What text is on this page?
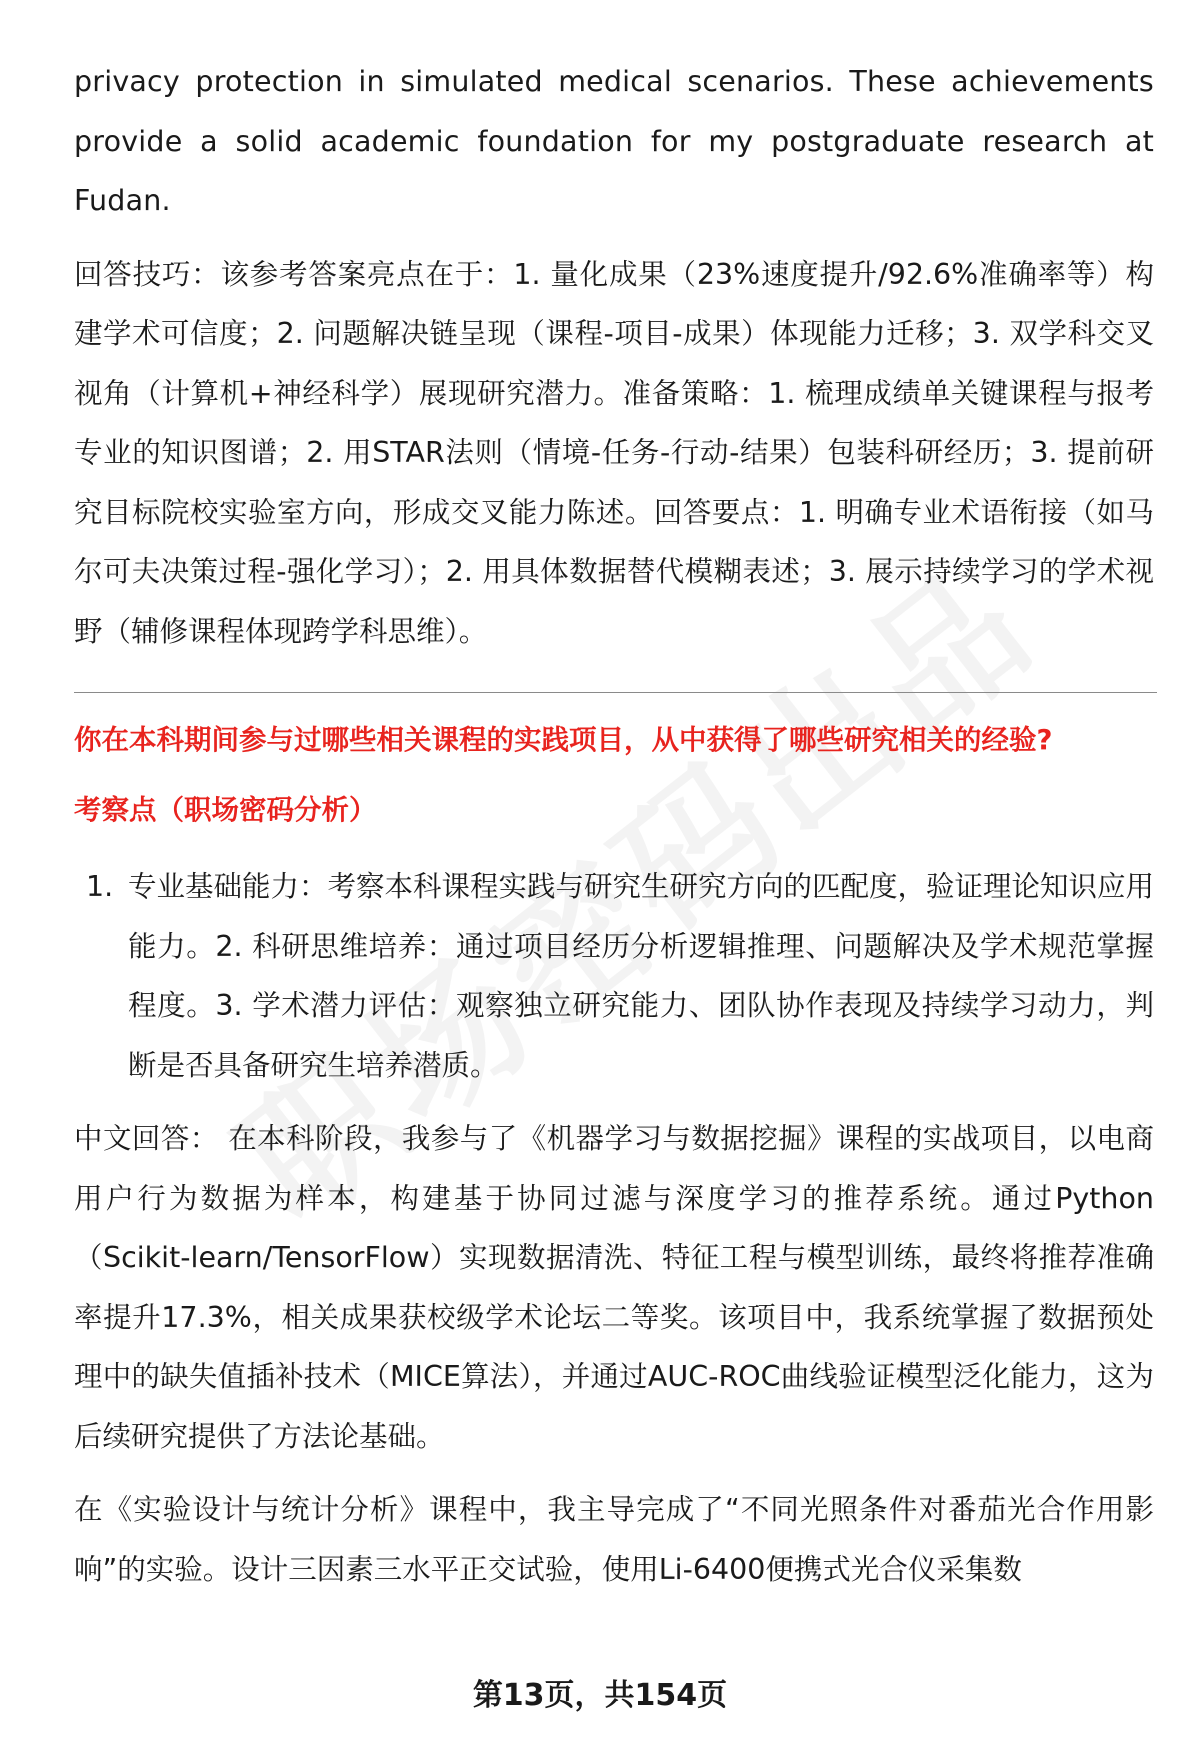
privacy protection in simulated medical scenarios. These achievements provide a solid academic foundation for my postgraduate research at Fudan.

回答技巧：该参考答案亮点在于：1. 量化成果（23%速度提升/92.6%准确率等）构建学术可信度；2. 问题解决链呈现（课程-项目-成果）体现能力迁移；3. 双学科交叉视角（计算机+神经科学）展现研究潜力。准备策略：1. 梳理成绩单关键课程与报考专业的知识图谱；2. 用STAR法则（情境-任务-行动-结果）包装科研经历；3. 提前研究目标院校实验室方向，形成交叉能力陈述。回答要点：1. 明确专业术语衔接（如马尔可夫决策过程-强化学习）；2. 用具体数据替代模糊表述；3. 展示持续学习的学术视野（辅修课程体现跨学科思维）。

你在本科期间参与过哪些相关课程的实践项目，从中获得了哪些研究相关的经验?

考察点（职场密码分析）

1. 专业基础能力：考察本科课程实践与研究生研究方向的匹配度，验证理论知识应用能力。2. 科研思维培养：通过项目经历分析逻辑推理、问题解决及学术规范掌握程度。3. 学术潜力评估：观察独立研究能力、团队协作表现及持续学习动力，判断是否具备研究生培养潜质。

中文回答： 在本科阶段，我参与了《机器学习与数据挖掘》课程的实战项目，以电商用户行为数据为样本，构建基于协同过滤与深度学习的推荐系统。通过Python（Scikit-learn/TensorFlow）实现数据清洗、特征工程与模型训练，最终将推荐准确率提升17.3%，相关成果获校级学术论坛二等奖。该项目中，我系统掌握了数据预处理中的缺失值插补技术（MICE算法），并通过AUC-ROC曲线验证模型泛化能力，这为后续研究提供了方法论基础。

在《实验设计与统计分析》课程中，我主导完成了“不同光照条件对番茄光合作用影响”的实验。设计三因素三水平正交试验，使用Li-6400便携式光合仪采集数

第13页，共154页
